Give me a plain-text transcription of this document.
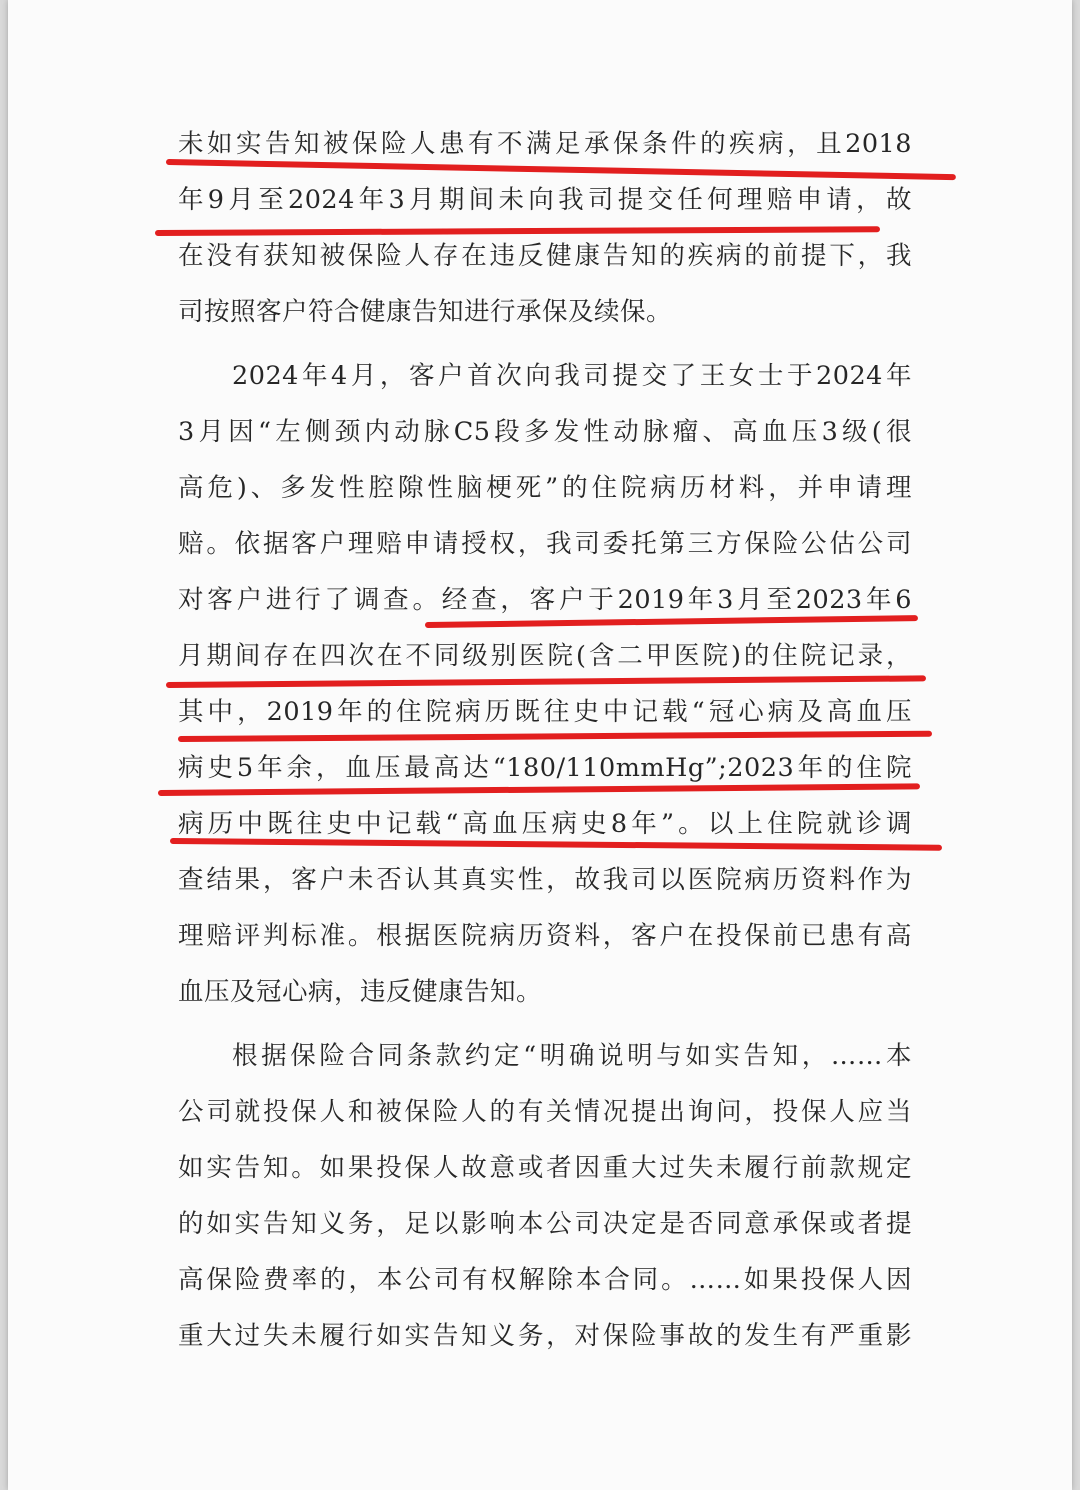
未如实告知被保险人患有不满足承保条件的疾病，且2018
年9月至2024年3月期间未向我司提交任何理赔申请，故
在没有获知被保险人存在违反健康告知的疾病的前提下，我
司按照客户符合健康告知进行承保及续保。
2024年4月，客户首次向我司提交了王女士于2024年
3月因“左侧颈内动脉C5段多发性动脉瘤、高血压3级(很
高危)、多发性腔隙性脑梗死”的住院病历材料，并申请理
赔。依据客户理赔申请授权，我司委托第三方保险公估公司
对客户进行了调查。经查，客户于2019年3月至2023年6
月期间存在四次在不同级别医院(含二甲医院)的住院记录，
其中，2019年的住院病历既往史中记载“冠心病及高血压
病史5年余，血压最高达“180/110mmHg”;2023年的住院
病历中既往史中记载“高血压病史8年”。以上住院就诊调
查结果，客户未否认其真实性，故我司以医院病历资料作为
理赔评判标准。根据医院病历资料，客户在投保前已患有高
血压及冠心病，违反健康告知。
根据保险合同条款约定“明确说明与如实告知，……本
公司就投保人和被保险人的有关情况提出询问，投保人应当
如实告知。如果投保人故意或者因重大过失未履行前款规定
的如实告知义务，足以影响本公司决定是否同意承保或者提
高保险费率的，本公司有权解除本合同。……如果投保人因
重大过失未履行如实告知义务，对保险事故的发生有严重影
